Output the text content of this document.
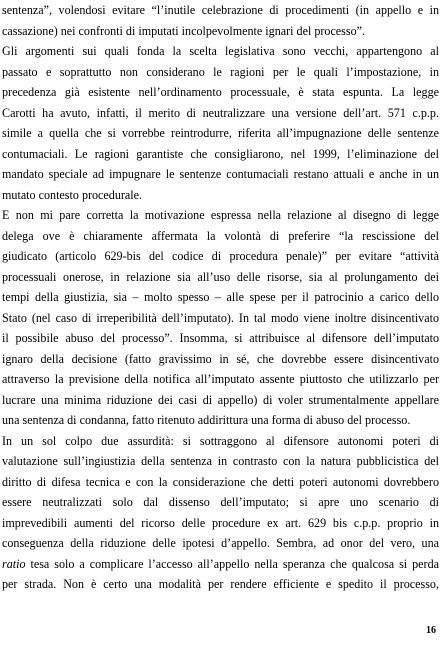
sentenza”, volendosi evitare “l’inutile celebrazione di procedimenti (in appello e in
cassazione) nei confronti di imputati incolpevolmente ignari del processo”.
Gli argomenti sui quali fonda la scelta legislativa sono vecchi, appartengono al
passato e soprattutto non considerano le ragioni per le quali l’impostazione, in
precedenza già esistente nell’ordinamento processuale, è stata espunta. La legge
Carotti ha avuto, infatti, il merito di neutralizzare una versione dell’art. 571 c.p.p.
simile a quella che si vorrebbe reintrodurre, riferita all’impugnazione delle sentenze
contumaciali. Le ragioni garantiste che consigliarono, nel 1999, l’eliminazione del
mandato speciale ad impugnare le sentenze contumaciali restano attuali e anche in un
mutato contesto procedurale.
E non mi pare corretta la motivazione espressa nella relazione al disegno di legge
delega ove è chiaramente affermata la volontà di preferire “la rescissione del
giudicato (articolo 629-bis del codice di procedura penale)” per evitare “attività
processuali onerose, in relazione sia all’uso delle risorse, sia al prolungamento dei
tempi della giustizia, sia – molto spesso – alle spese per il patrocinio a carico dello
Stato (nel caso di irreperibilità dell’imputato). In tal modo viene inoltre disincentivato
il possibile abuso del processo”. Insomma, si attribuisce al difensore dell’imputato
ignaro della decisione (fatto gravissimo in sé, che dovrebbe essere disincentivato
attraverso la previsione della notifica all’imputato assente piuttosto che utilizzarlo per
lucrare una minima riduzione dei casi di appello) di voler strumentalmente appellare
una sentenza di condanna, fatto ritenuto addirittura una forma di abuso del processo.
In un sol colpo due assurdità: si sottraggono al difensore autonomi poteri di
valutazione sull’ingiustizia della sentenza in contrasto con la natura pubblicistica del
diritto di difesa tecnica e con la considerazione che detti poteri autonomi dovrebbero
essere neutralizzati solo dal dissenso dell’imputato; si apre uno scenario di
imprevedibili aumenti del ricorso delle procedure ex art. 629 bis c.p.p. proprio in
conseguenza della riduzione delle ipotesi d’appello. Sembra, ad onor del vero, una
ratio tesa solo a complicare l’accesso all’appello nella speranza che qualcosa si perda
per strada. Non è certo una modalità per rendere efficiente e spedito il processo,
16
